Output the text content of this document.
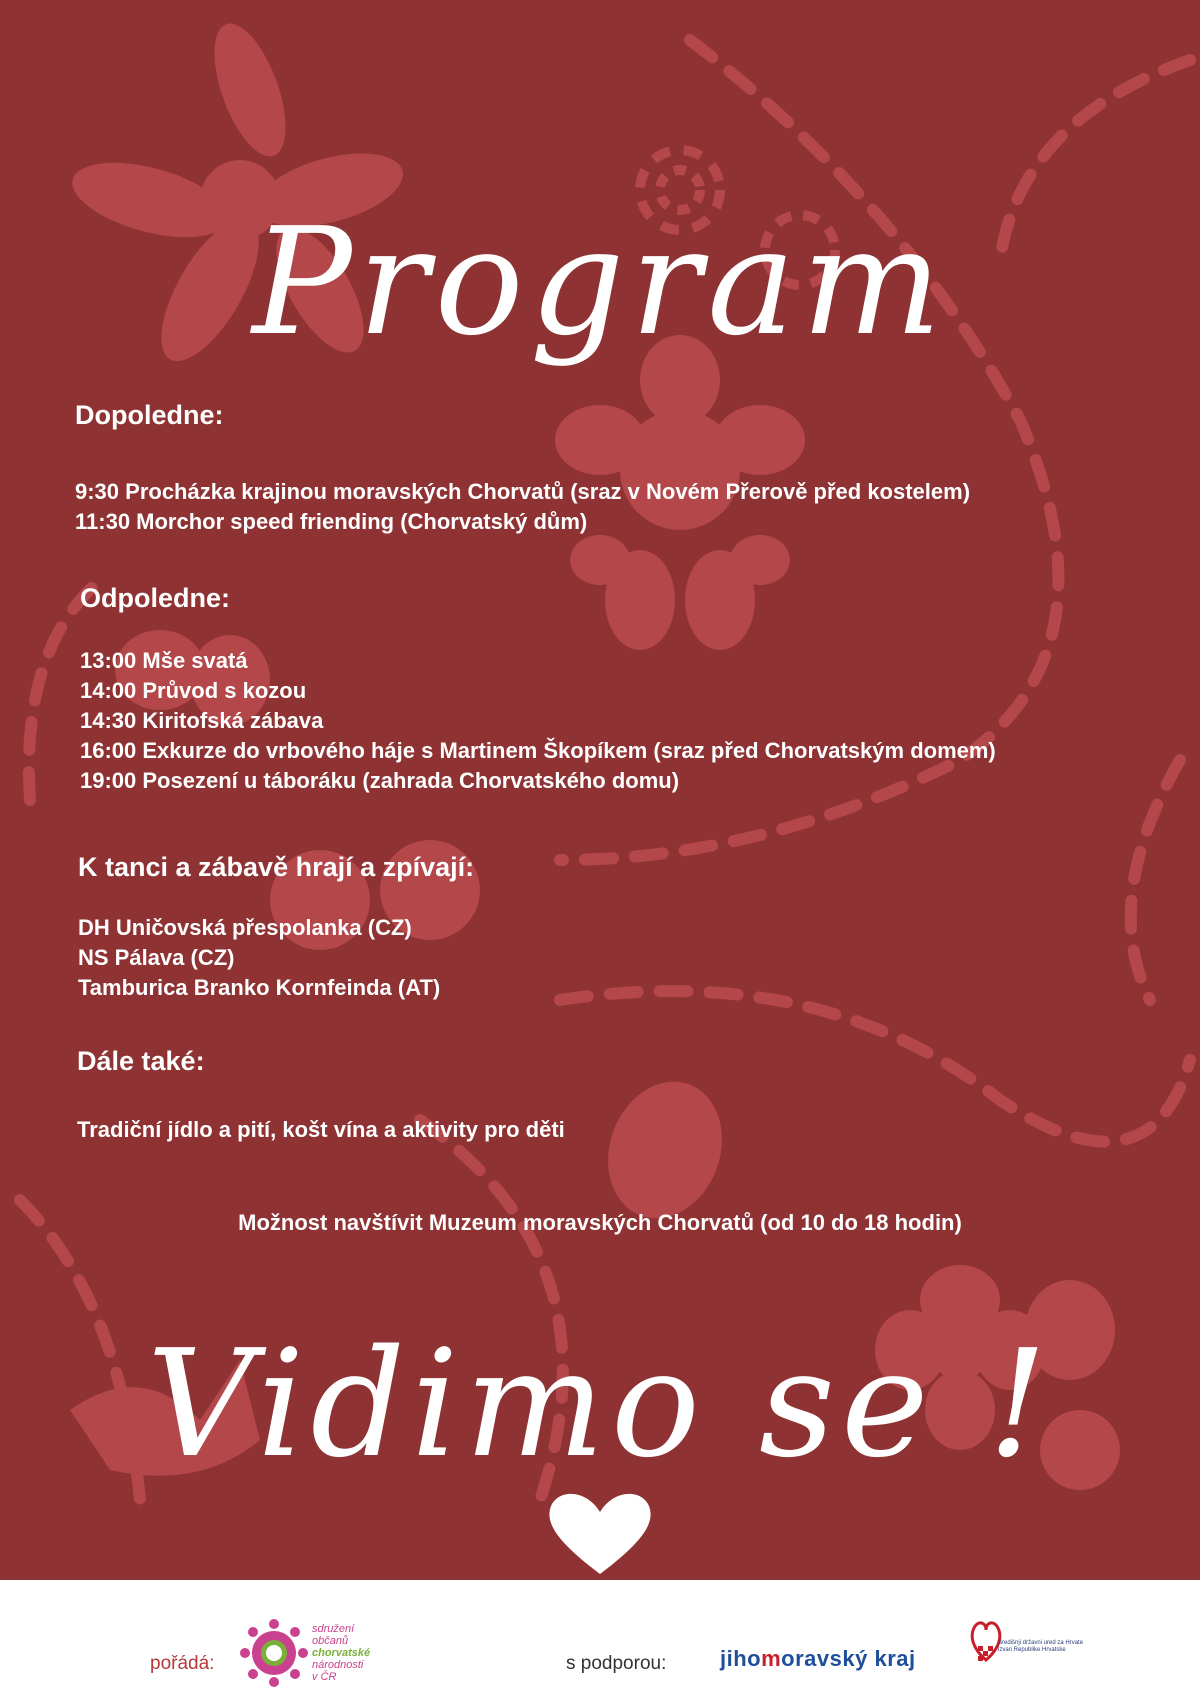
Program

Dopoledne:

9:30 Procházka krajinou moravských Chorvatů (sraz v Novém Přerově před kostelem)

11:30 Morchor speed friending (Chorvatský dům)

Odpoledne:

13:00 Mše svatá

14:00 Průvod s kozou

14:30 Kiritofská zábava

16:00 Exkurze do vrbového háje s Martinem Škopíkem (sraz před Chorvatským domem)

19:00 Posezení u táboráku (zahrada Chorvatského domu)

K tanci a zábavě hrají a zpívají:

DH Uničovská přespolanka (CZ)

NS Pálava (CZ)

Tamburica Branko Kornfeinda (AT)

Dále také:

Tradiční jídlo a pití, košt vína a aktivity pro děti

Možnost navštívit Muzeum moravských Chorvatů (od 10 do 18 hodin)
Vidimo se !
pořádá:
sdružení
občanů
chorvatské
národnosti
v ČR
s podporou: jihomoravský kraj
Središnji državni ured za Hrvate
izvan Republike Hrvatske
